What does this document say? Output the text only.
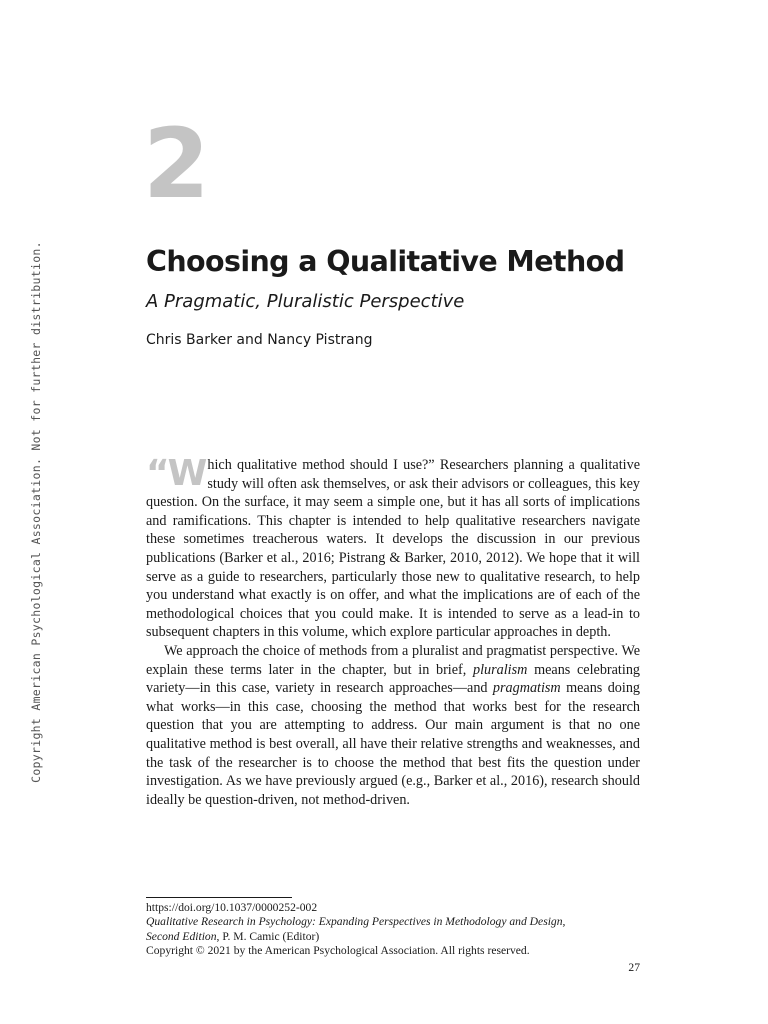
Copyright American Psychological Association. Not for further distribution.
2
Choosing a Qualitative Method
A Pragmatic, Pluralistic Perspective
Chris Barker and Nancy Pistrang

“Which qualitative method should I use?” Researchers planning a qualitative study will often ask themselves, or ask their advisors or colleagues, this key question. On the surface, it may seem a simple one, but it has all sorts of implications and ramifications. This chapter is intended to help qualitative researchers navigate these sometimes treacherous waters. It develops the discussion in our previous publications (Barker et al., 2016; Pistrang & Barker, 2010, 2012). We hope that it will serve as a guide to researchers, particularly those new to qualitative research, to help you understand what exactly is on offer, and what the implications are of each of the methodological choices that you could make. It is intended to serve as a lead-in to subsequent chapters in this volume, which explore particular approaches in depth.

We approach the choice of methods from a pluralist and pragmatist perspective. We explain these terms later in the chapter, but in brief, pluralism means celebrating variety—in this case, variety in research approaches—and pragmatism means doing what works—in this case, choosing the method that works best for the research question that you are attempting to address. Our main argument is that no one qualitative method is best overall, all have their relative strengths and weaknesses, and the task of the researcher is to choose the method that best fits the question under investigation. As we have previously argued (e.g., Barker et al., 2016), research should ideally be question-driven, not method-driven.

https://doi.org/10.1037/0000252-002
Qualitative Research in Psychology: Expanding Perspectives in Methodology and Design,
Second Edition, P. M. Camic (Editor)
Copyright © 2021 by the American Psychological Association. All rights reserved.
27
